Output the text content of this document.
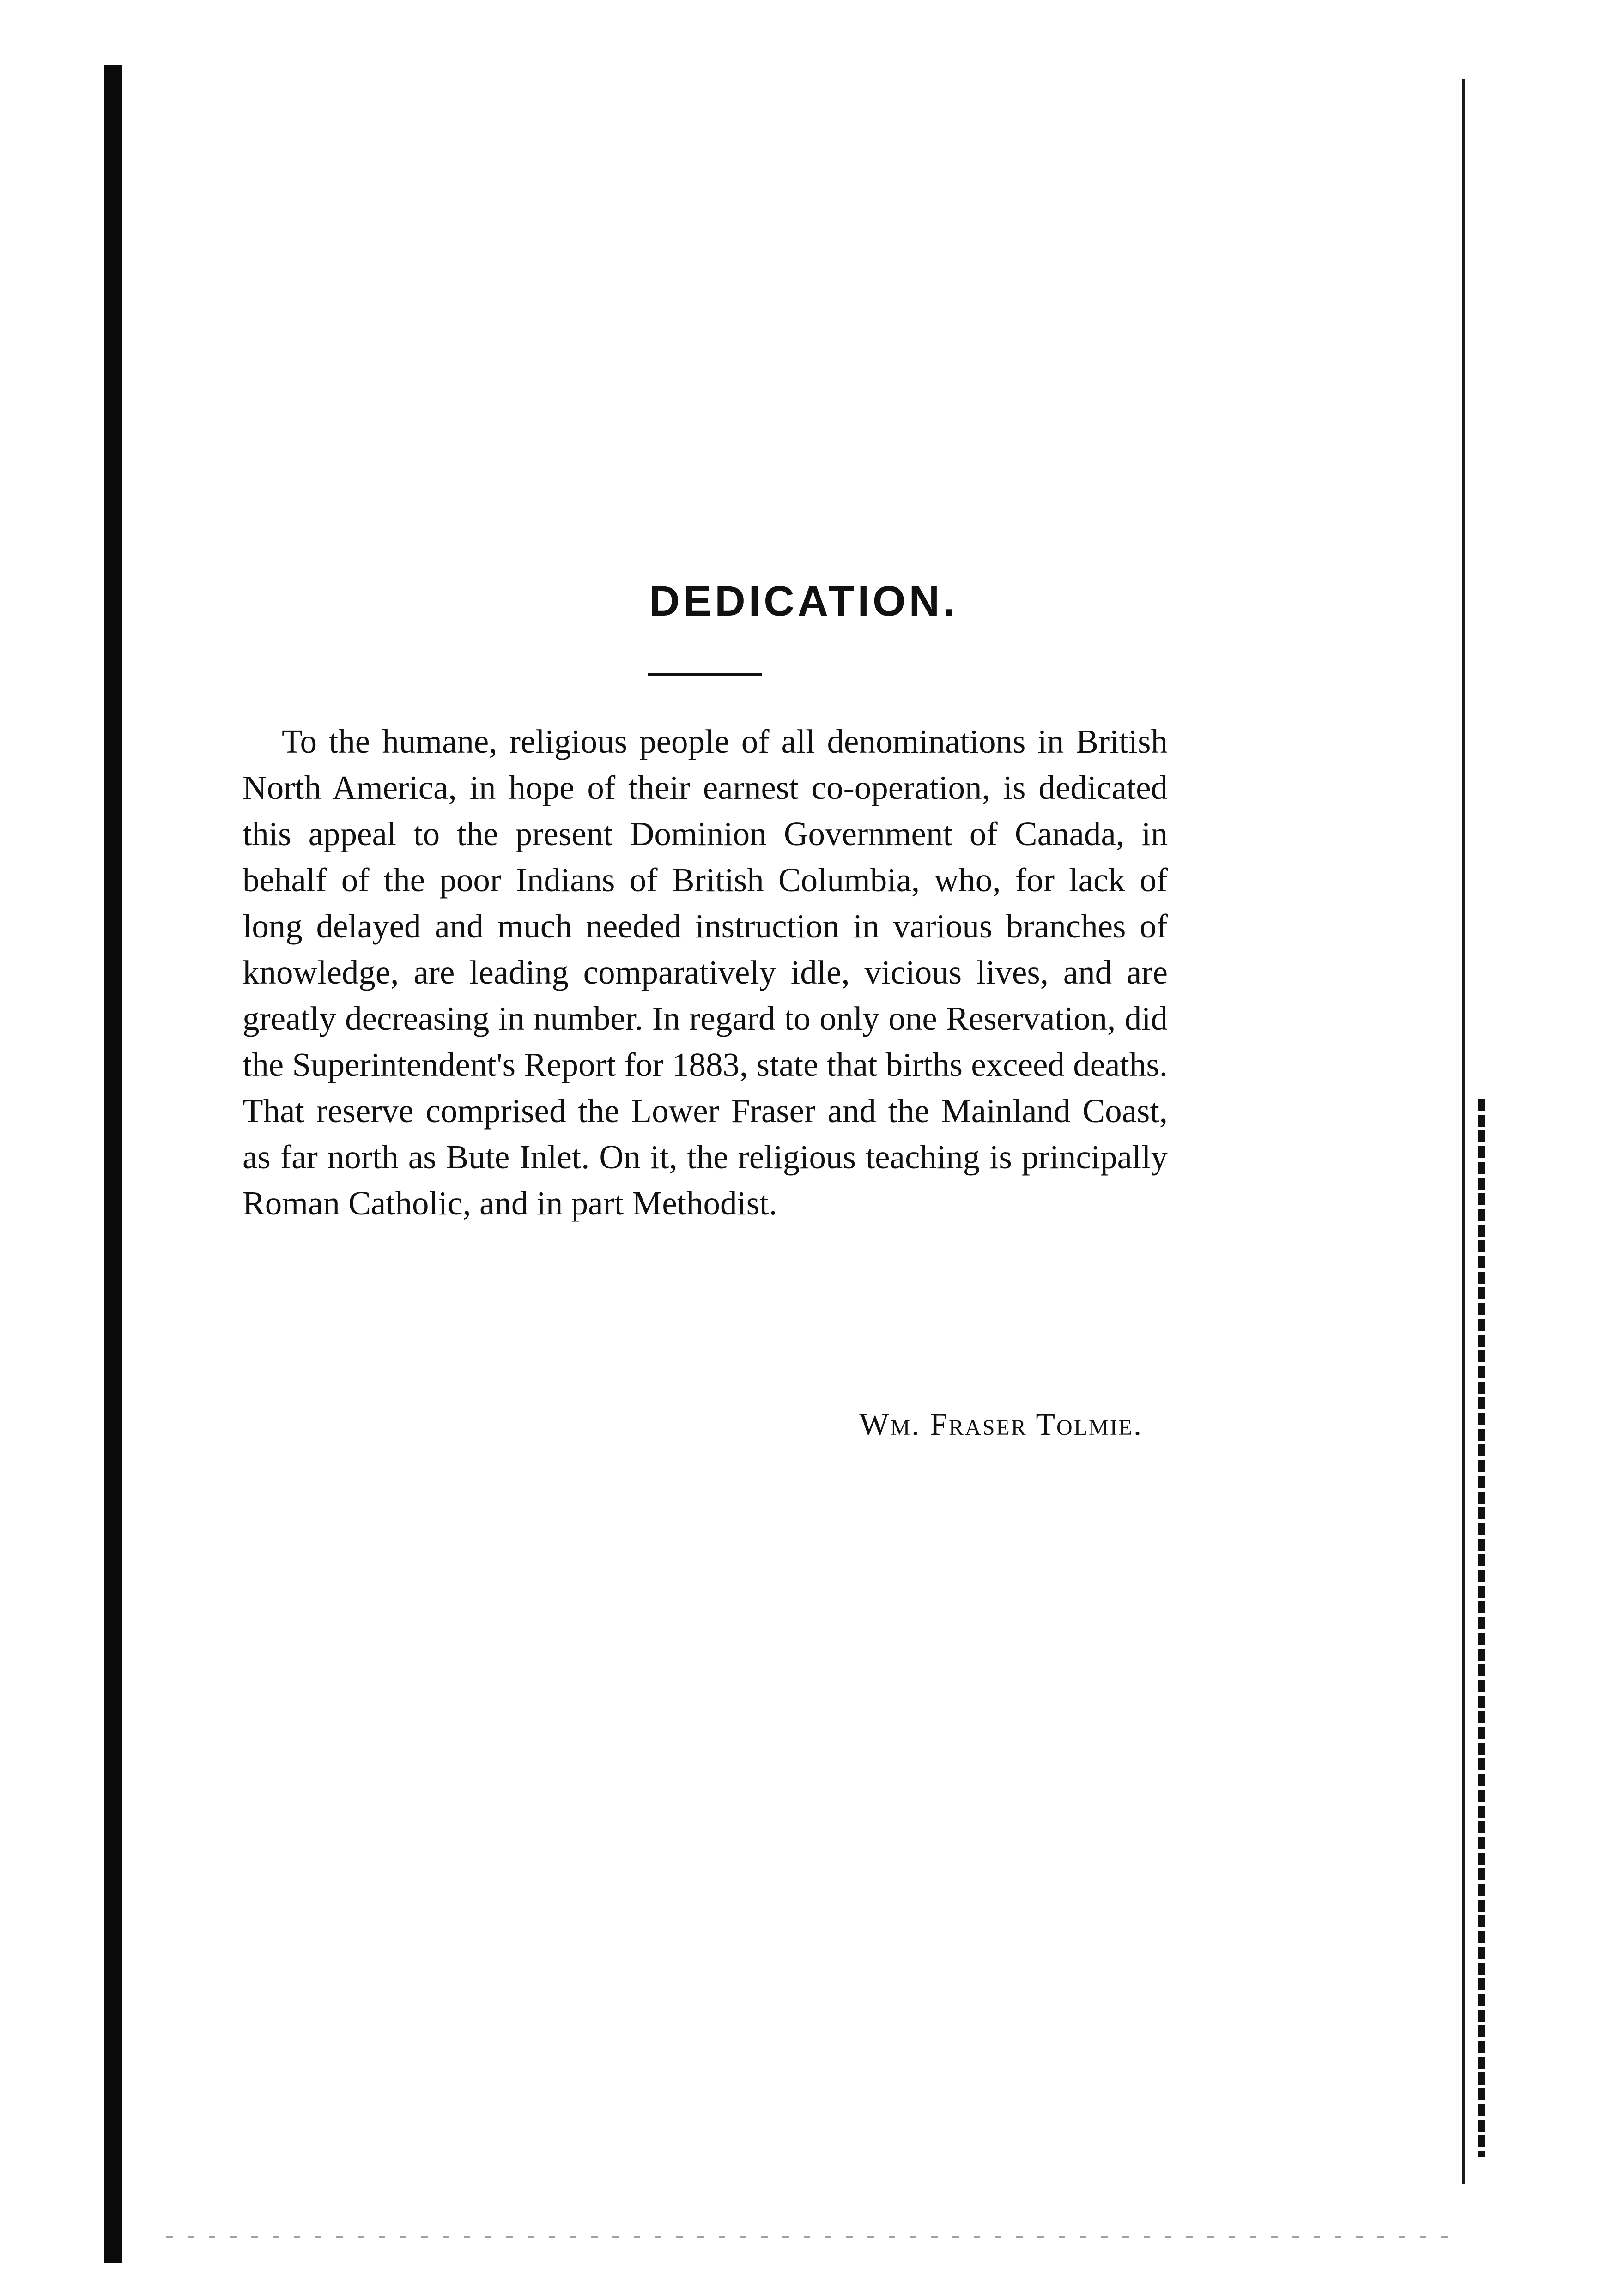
DEDICATION.

To the humane, religious people of all denominations in British North America, in hope of their earnest co-operation, is dedicated this appeal to the present Dominion Government of Canada, in behalf of the poor Indians of British Columbia, who, for lack of long delayed and much needed instruction in various branches of knowledge, are leading comparatively idle, vicious lives, and are greatly decreasing in number. In regard to only one Reservation, did the Superintendent's Report for 1883, state that births exceed deaths. That reserve comprised the Lower Fraser and the Mainland Coast, as far north as Bute Inlet. On it, the religious teaching is principally Roman Catholic, and in part Methodist.

Wm. Fraser Tolmie.
